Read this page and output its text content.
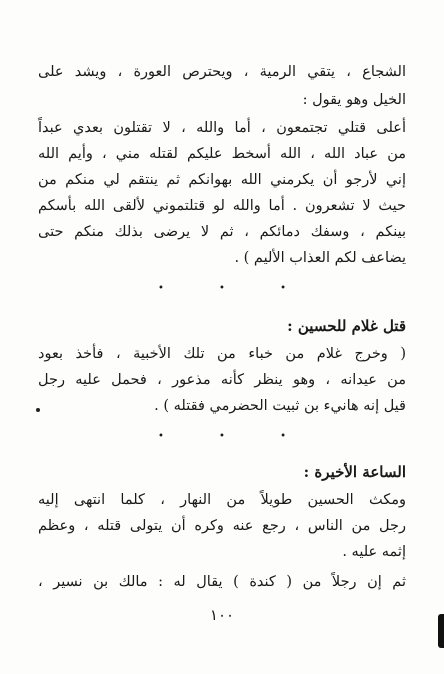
الشجاع ، يتقي الرمية ، ويحترص العورة ، ويشد على
الخيل وهو يقول :
أعلى قتلي تجتمعون ، أما والله ، لا تقتلون بعدي عبداً
من عباد الله ، الله أسخط عليكم لقتله مني ، وأيم الله
إني لأرجو أن يكرمني الله بهوانكم ثم ينتقم لي منكم من
حيث لا تشعرون . أما والله لو قتلتموني لألقى الله بأسكم
بينكم ، وسفك دمائكم ، ثم لا يرضى بذلك منكم حتى
يضاعف لكم العذاب الأليم ) .
• • •
قتل غلام للحسين :
( وخرج غلام من خباء من تلك الأخبية ، فأخذ بعود
من عيدانه ، وهو ينظر كأنه مذعور ، فحمل عليه رجل
قيل إنه هانيء بن ثبيت الحضرمي فقتله ) .
• • •
الساعة الأخيرة :
ومكث الحسين طويلاً من النهار ، كلما انتهى إليه
رجل من الناس ، رجع عنه وكره أن يتولى قتله ، وعظم
إثمه عليه .
ثم إن رجلاً من ( كندة ) يقال له : مالك بن نسير ،
١٠٠
